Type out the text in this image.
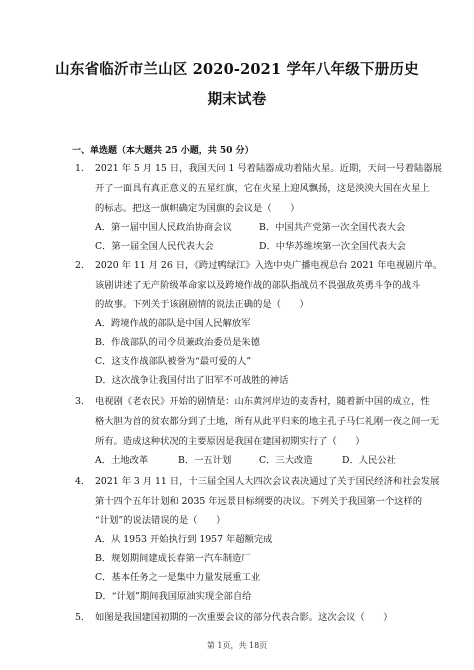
山东省临沂市兰山区 2020-2021 学年八年级下册历史
期末试卷
一、单选题（本大题共 25 小题，共 50 分）
1. 2021 年 5 月 15 日，我国天问 1 号着陆器成功着陆火星。近期，天问一号着陆器展
开了一面具有真正意义的五星红旗，它在火星上迎风飘扬，这是泱泱大国在火星上
的标志。把这一旗帜确定为国旗的会议是（　　）
A．第一届中国人民政治协商会议	B．中国共产党第一次全国代表大会
C．第一届全国人民代表大会	D．中华苏维埃第一次全国代表大会
2. 2020 年 11 月 26 日，《跨过鸭绿江》入选中央广播电视总台 2021 年电视剧片单。
该剧讲述了无产阶级革命家以及跨境作战的部队指战员不畏强敌英勇斗争的战斗
的故事。下列关于该剧剧情的说法正确的是（　　）
A．跨境作战的部队是中国人民解放军
B．作战部队的司令员兼政治委员是朱德
C．这支作战部队被誉为“最可爱的人”
D．这次战争让我国付出了旧军不可战胜的神话
3. 电视剧《老农民》开始的剧情是：山东黄河岸边的麦香村，随着新中国的成立，性
格大胆为首的贫农都分到了土地，所有从此平归来的地主孔子马仁礼刚一夜之间一无
所有。造成这种状况的主要原因是我国在建国初期实行了（　　）
A．土地改革	B．一五计划	C．三大改造	D．人民公社
4. 2021 年 3 月 11 日，十三届全国人大四次会议表决通过了关于国民经济和社会发展
第十四个五年计划和 2035 年远景目标纲要的决议。下列关于我国第一个这样的
“计划”的说法错误的是（　　）
A．从 1953 开始执行到 1957 年超额完成
B．规划期间建成长春第一汽车制造厂
C．基本任务之一是集中力量发展重工业
D．“计划”期间我国原油实现全部自给
5. 如图是我国建国初期的一次重要会议的部分代表合影。这次会议（　　）
第 1页，共 18页
